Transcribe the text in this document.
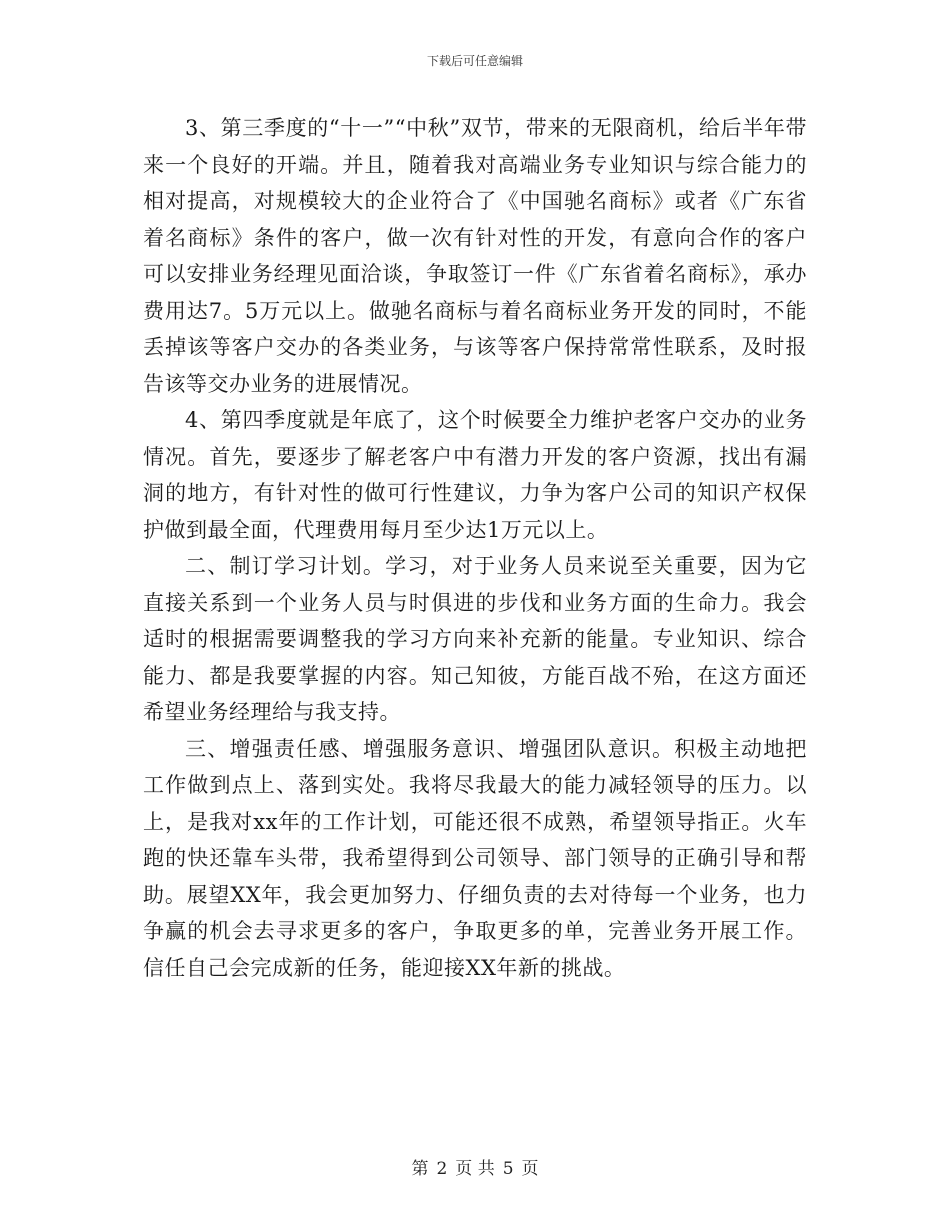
下载后可任意编辑

3、第三季度的“十一”“中秋”双节，带来的无限商机，给后半年带来一个良好的开端。并且，随着我对高端业务专业知识与综合能力的相对提高，对规模较大的企业符合了《中国驰名商标》或者《广东省着名商标》条件的客户，做一次有针对性的开发，有意向合作的客户可以安排业务经理见面洽谈，争取签订一件《广东省着名商标》，承办费用达7。5万元以上。做驰名商标与着名商标业务开发的同时，不能丢掉该等客户交办的各类业务，与该等客户保持常常性联系，及时报告该等交办业务的进展情况。

4、第四季度就是年底了，这个时候要全力维护老客户交办的业务情况。首先，要逐步了解老客户中有潜力开发的客户资源，找出有漏洞的地方，有针对性的做可行性建议，力争为客户公司的知识产权保护做到最全面，代理费用每月至少达1万元以上。

二、制订学习计划。学习，对于业务人员来说至关重要，因为它直接关系到一个业务人员与时俱进的步伐和业务方面的生命力。我会适时的根据需要调整我的学习方向来补充新的能量。专业知识、综合能力、都是我要掌握的内容。知己知彼，方能百战不殆，在这方面还希望业务经理给与我支持。

三、增强责任感、增强服务意识、增强团队意识。积极主动地把工作做到点上、落到实处。我将尽我最大的能力减轻领导的压力。以上，是我对xx年的工作计划，可能还很不成熟，希望领导指正。火车跑的快还靠车头带，我希望得到公司领导、部门领导的正确引导和帮助。展望XX年，我会更加努力、仔细负责的去对待每一个业务，也力争赢的机会去寻求更多的客户，争取更多的单，完善业务开展工作。信任自己会完成新的任务，能迎接XX年新的挑战。

第 2 页 共 5 页
